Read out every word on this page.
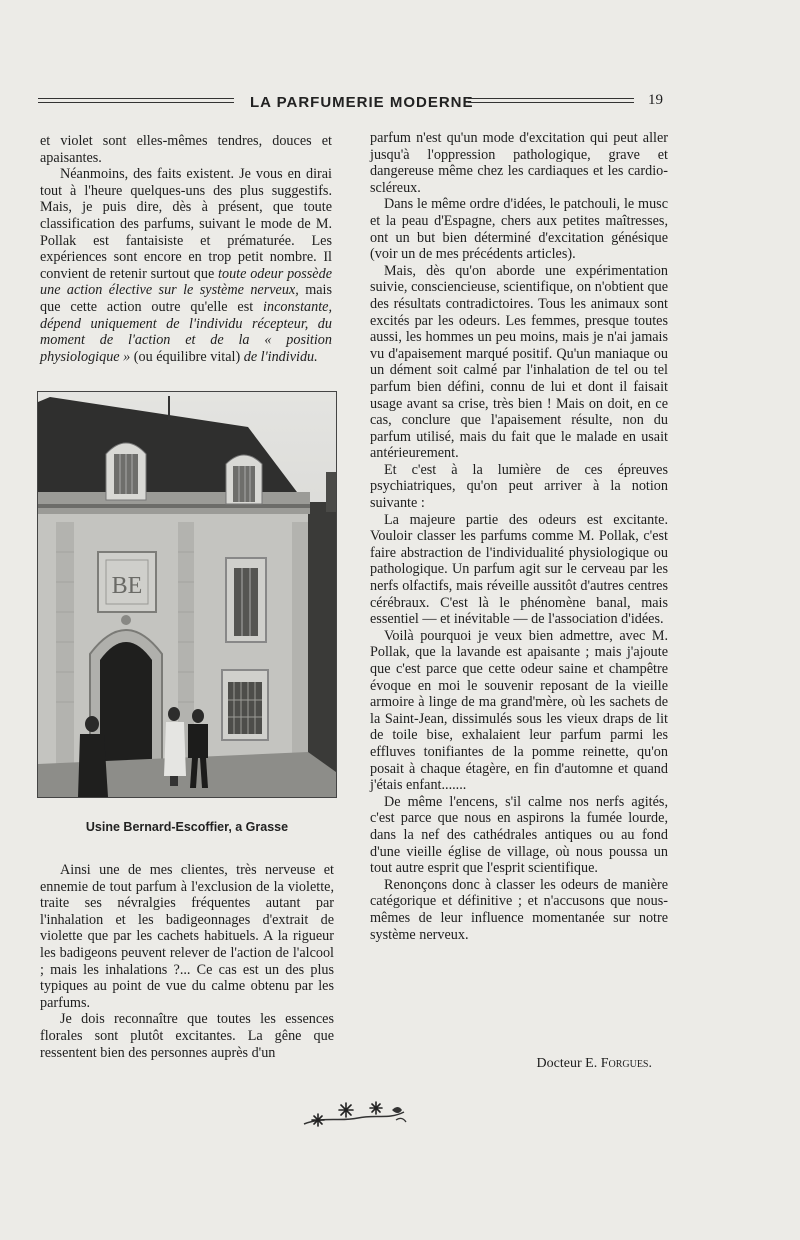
LA PARFUMERIE MODERNE	19

et violet sont elles-mêmes tendres, douces et apaisantes.

Néanmoins, des faits existent. Je vous en dirai tout à l'heure quelques-uns des plus suggestifs. Mais, je puis dire, dès à présent, que toute classification des parfums, suivant le mode de M. Pollak est fantaisiste et prématurée. Les expériences sont encore en trop petit nombre. Il convient de retenir surtout que toute odeur possède une action élective sur le système nerveux, mais que cette action outre qu'elle est inconstante, dépend uniquement de l'individu récepteur, du moment de l'action et de la « position physiologique » (ou équilibre vital) de l'individu.

BE
Usine Bernard-Escoffier, a Grasse

Ainsi une de mes clientes, très nerveuse et ennemie de tout parfum à l'exclusion de la violette, traite ses névralgies fréquentes autant par l'inhalation et les badigeonnages d'extrait de violette que par les cachets habituels. A la rigueur les badigeons peuvent relever de l'action de l'alcool ; mais les inhalations ?... Ce cas est un des plus typiques au point de vue du calme obtenu par les parfums.

Je dois reconnaître que toutes les essences florales sont plutôt excitantes. La gêne que ressentent bien des personnes auprès d'un

parfum n'est qu'un mode d'excitation qui peut aller jusqu'à l'oppression pathologique, grave et dangereuse même chez les cardiaques et les cardio-scléreux.

Dans le même ordre d'idées, le patchouli, le musc et la peau d'Espagne, chers aux petites maîtresses, ont un but bien déterminé d'excitation génésique (voir un de mes précédents articles).

Mais, dès qu'on aborde une expérimentation suivie, consciencieuse, scientifique, on n'obtient que des résultats contradictoires. Tous les animaux sont excités par les odeurs. Les femmes, presque toutes aussi, les hommes un peu moins, mais je n'ai jamais vu d'apaisement marqué positif. Qu'un maniaque ou un dément soit calmé par l'inhalation de tel ou tel parfum bien défini, connu de lui et dont il faisait usage avant sa crise, très bien ! Mais on doit, en ce cas, conclure que l'apaisement résulte, non du parfum utilisé, mais du fait que le malade en usait antérieurement.

Et c'est à la lumière de ces épreuves psychiatriques, qu'on peut arriver à la notion suivante :

La majeure partie des odeurs est excitante. Vouloir classer les parfums comme M. Pollak, c'est faire abstraction de l'individualité physiologique ou pathologique. Un parfum agit sur le cerveau par les nerfs olfactifs, mais réveille aussitôt d'autres centres cérébraux. C'est là le phénomène banal, mais essentiel — et inévitable — de l'association d'idées.

Voilà pourquoi je veux bien admettre, avec M. Pollak, que la lavande est apaisante ; mais j'ajoute que c'est parce que cette odeur saine et champêtre évoque en moi le souvenir reposant de la vieille armoire à linge de ma grand'mère, où les sachets de la Saint-Jean, dissimulés sous les vieux draps de lit de toile bise, exhalaient leur parfum parmi les effluves tonifiantes de la pomme reinette, qu'on posait à chaque étagère, en fin d'automne et quand j'étais enfant.......

De même l'encens, s'il calme nos nerfs agités, c'est parce que nous en aspirons la fumée lourde, dans la nef des cathédrales antiques ou au fond d'une vieille église de village, où nous poussa un tout autre esprit que l'esprit scientifique.

Renonçons donc à classer les odeurs de manière catégorique et définitive ; et n'accusons que nous-mêmes de leur influence momentanée sur notre système nerveux.

Docteur E. Forgues.
